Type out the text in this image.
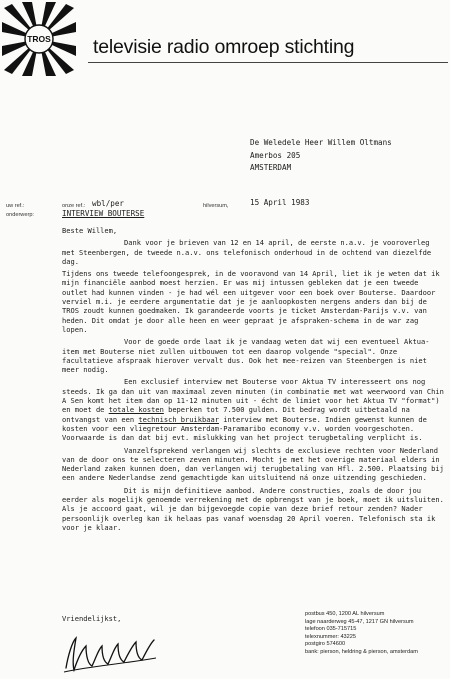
TROS televisie radio omroep stichting
De Weledele Heer Willem Oltmans
Amerbos 205
AMSTERDAM
uw ref.:
onderwerp:
onze ref.: wbl/per	hilversum,	15 April 1983
INTERVIEW BOUTERSE

Beste Willem,

Dank voor je brieven van 12 en 14 april, de eerste n.a.v. je vooroverleg met Steenbergen, de tweede n.a.v. ons telefonisch onderhoud in de ochtend van diezelfde dag.

Tijdens ons tweede telefoongesprek, in de vooravond van 14 April, liet ik je weten dat ik mijn financiële aanbod moest herzien. Er was mij intussen gebleken dat je een tweede outlet had kunnen vinden - je had wél een uitgever voor een boek over Bouterse. Daardoor verviel m.i. je eerdere argumentatie dat je je aanloopkosten nergens anders dan bij de TROS zoudt kunnen goedmaken. Ik garandeerde voorts je ticket Amsterdam-Parijs v.v. van heden. Dit omdat je door alle heen en weer gepraat je afspraken-schema in de war zag lopen.

Voor de goede orde laat ik je vandaag weten dat wij een eventueel Aktua-item met Bouterse niet zullen uitbouwen tot een daarop volgende "special". Onze facultatieve afspraak hierover vervalt dus. Ook het mee-reizen van Steenbergen is niet meer nodig.

Een exclusief interview met Bouterse voor Aktua TV interesseert ons nog steeds. Ik ga dan uit van maximaal zeven minuten (in combinatie met wat weerwoord van Chin A Sen komt het item dan op 11-12 minuten uit - écht de limiet voor het Aktua TV "format") en moet de totale kosten beperken tot 7.500 gulden. Dit bedrag wordt uitbetaald na ontvangst van een technisch bruikbaar interview met Bouterse. Indien gewenst kunnen de kosten voor een vliegretour Amsterdam-Paramaribo economy v.v. worden voorgeschoten. Voorwaarde is dan dat bij evt. mislukking van het project terugbetaling verplicht is.

Vanzelfsprekend verlangen wij slechts de exclusieve rechten voor Nederland van de door ons te selecteren zeven minuten. Mocht je met het overige materiaal elders in Nederland zaken kunnen doen, dan verlangen wij terugbetaling van Hfl. 2.500. Plaatsing bij een andere Nederlandse zend gemachtigde kan uitsluitend ná onze uitzending geschieden.

Dit is mijn definitieve aanbod. Andere constructies, zoals de door jou eerder als mogelijk genoemde verrekening met de opbrengst van je boek, moet ik uitsluiten. Als je accoord gaat, wil je dan bijgevoegde copie van deze brief retour zenden? Nader persoonlijk overleg kan ik helaas pas vanaf woensdag 20 April voeren. Telefonisch sta ik voor je klaar.

Vriendelijkst,	postbus 450, 1200 AL hilversum
lage naarderweg 45-47, 1217 GN hilversum
telefoon 035-715715
telexnummer: 43225
postgiro 574600
bank: pierson, heldring & pierson, amsterdam
